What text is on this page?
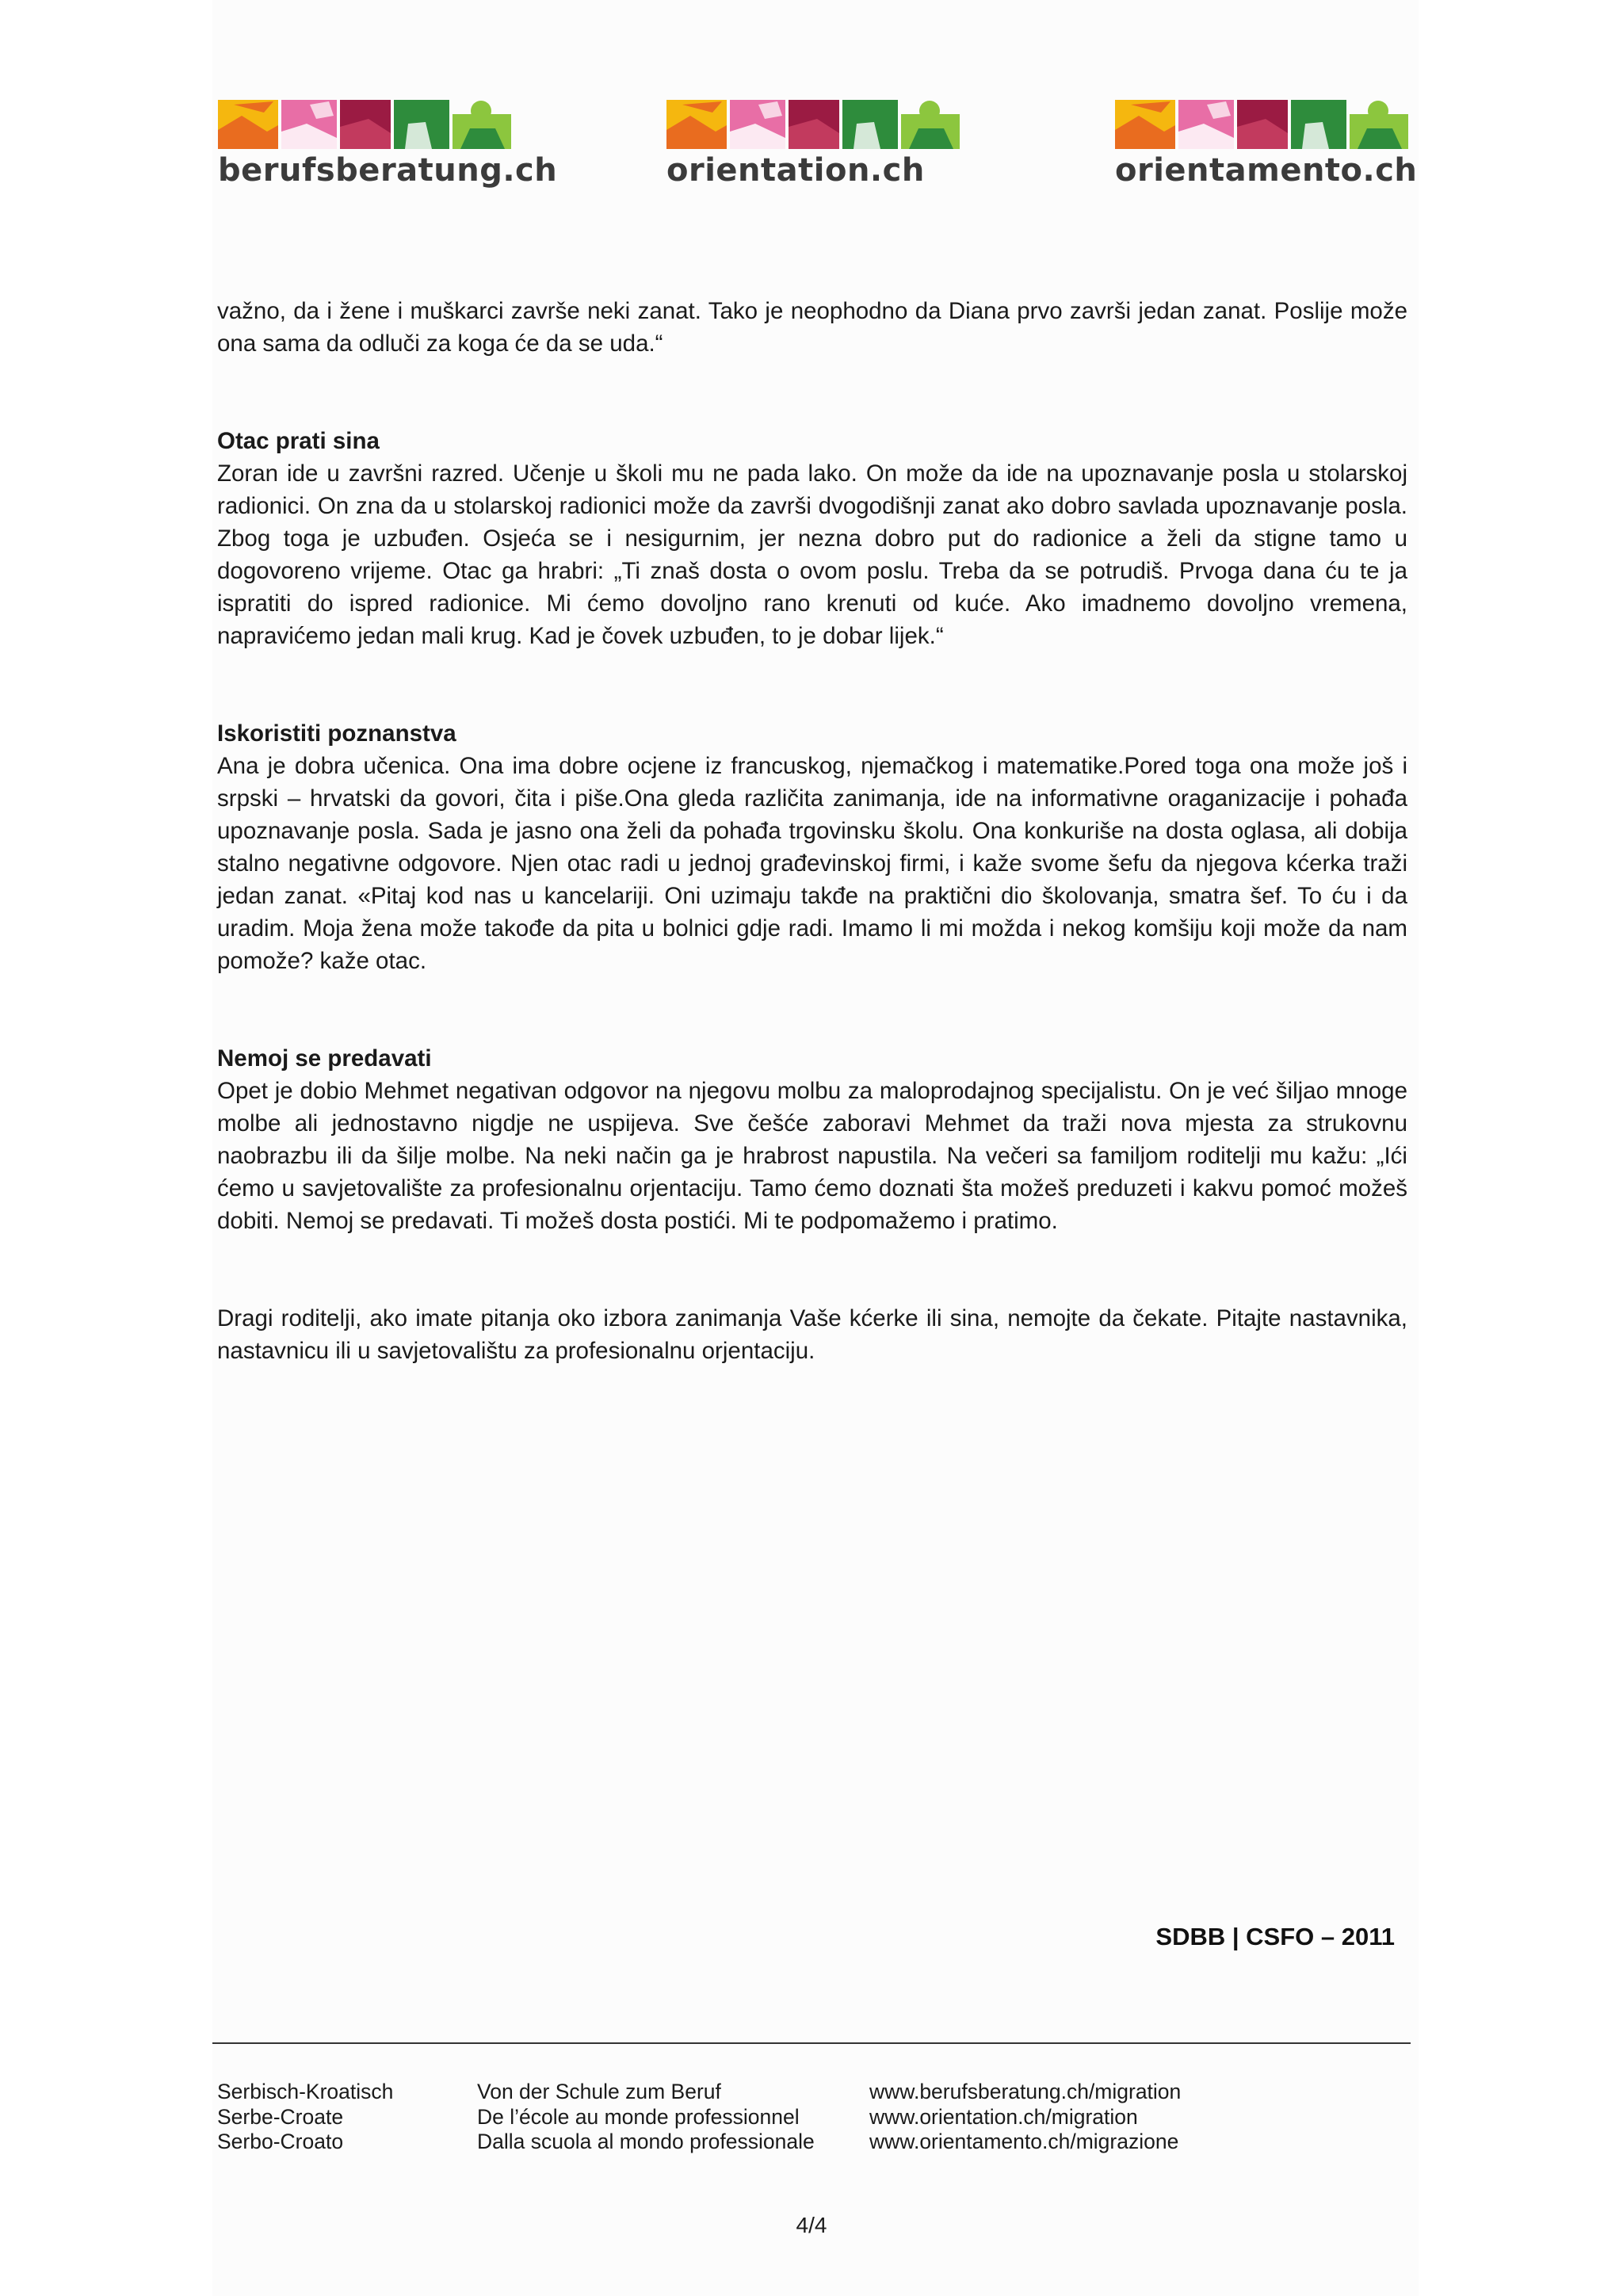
berufsberatung.ch	orientation.ch	orientamento.ch

važno, da i žene i muškarci završe neki zanat. Tako je neophodno da Diana prvo završi jedan zanat. Poslije može ona sama da odluči za koga će da se uda.“

Otac prati sina

Zoran ide u završni razred. Učenje u školi mu ne pada lako. On može da ide na upoznavanje posla u stolarskoj radionici. On zna da u stolarskoj radionici može da završi dvogodišnji zanat ako dobro savlada upoznavanje posla. Zbog toga je uzbuđen. Osjeća se i nesigurnim, jer nezna dobro put do radionice a želi da stigne tamo u dogovoreno vrijeme. Otac ga hrabri: „Ti znaš dosta o ovom poslu. Treba da se potrudiš. Prvoga dana ću te ja ispratiti do ispred radionice. Mi ćemo dovoljno rano krenuti od kuće. Ako imadnemo dovoljno vremena, napravićemo jedan mali krug. Kad je čovek uzbuđen, to je dobar lijek.“

Iskoristiti poznanstva

Ana je dobra učenica. Ona ima dobre ocjene iz francuskog, njemačkog i matematike.Pored toga ona može još i srpski – hrvatski da govori, čita i piše.Ona gleda različita zanimanja, ide na informativne oraganizacije i pohađa upoznavanje posla. Sada je jasno ona želi da pohađa trgovinsku školu. Ona konkuriše na dosta oglasa, ali dobija stalno negativne odgovore. Njen otac radi u jednoj građevinskoj firmi, i kaže svome šefu da njegova kćerka traži jedan zanat. «Pitaj kod nas u kancelariji. Oni uzimaju takđe na praktični dio školovanja, smatra šef. To ću i da uradim. Moja žena može takođe da pita u bolnici gdje radi. Imamo li mi možda i nekog komšiju koji može da nam pomože? kaže otac.

Nemoj se predavati

Opet je dobio Mehmet negativan odgovor na njegovu molbu za maloprodajnog specijalistu. On je već šiljao mnoge molbe ali jednostavno nigdje ne uspijeva. Sve češće zaboravi Mehmet da traži nova mjesta za strukovnu naobrazbu ili da šilje molbe. Na neki način ga je hrabrost napustila. Na večeri sa familjom roditelji mu kažu: „Ići ćemo u savjetovalište za profesionalnu orjentaciju. Tamo ćemo doznati šta možeš preduzeti i kakvu pomoć možeš dobiti. Nemoj se predavati. Ti možeš dosta postići. Mi te podpomažemo i pratimo.

Dragi roditelji, ako imate pitanja oko izbora zanimanja Vaše kćerke ili sina, nemojte da čekate. Pitajte nastavnika, nastavnicu ili u savjetovalištu za profesionalnu orjentaciju.

SDBB | CSFO – 2011
Serbisch-Kroatisch
Serbe-Croate
Serbo-Croato
Von der Schule zum Beruf
De l’école au monde professionnel
Dalla scuola al mondo professionale
www.berufsberatung.ch/migration
www.orientation.ch/migration
www.orientamento.ch/migrazione
4/4
